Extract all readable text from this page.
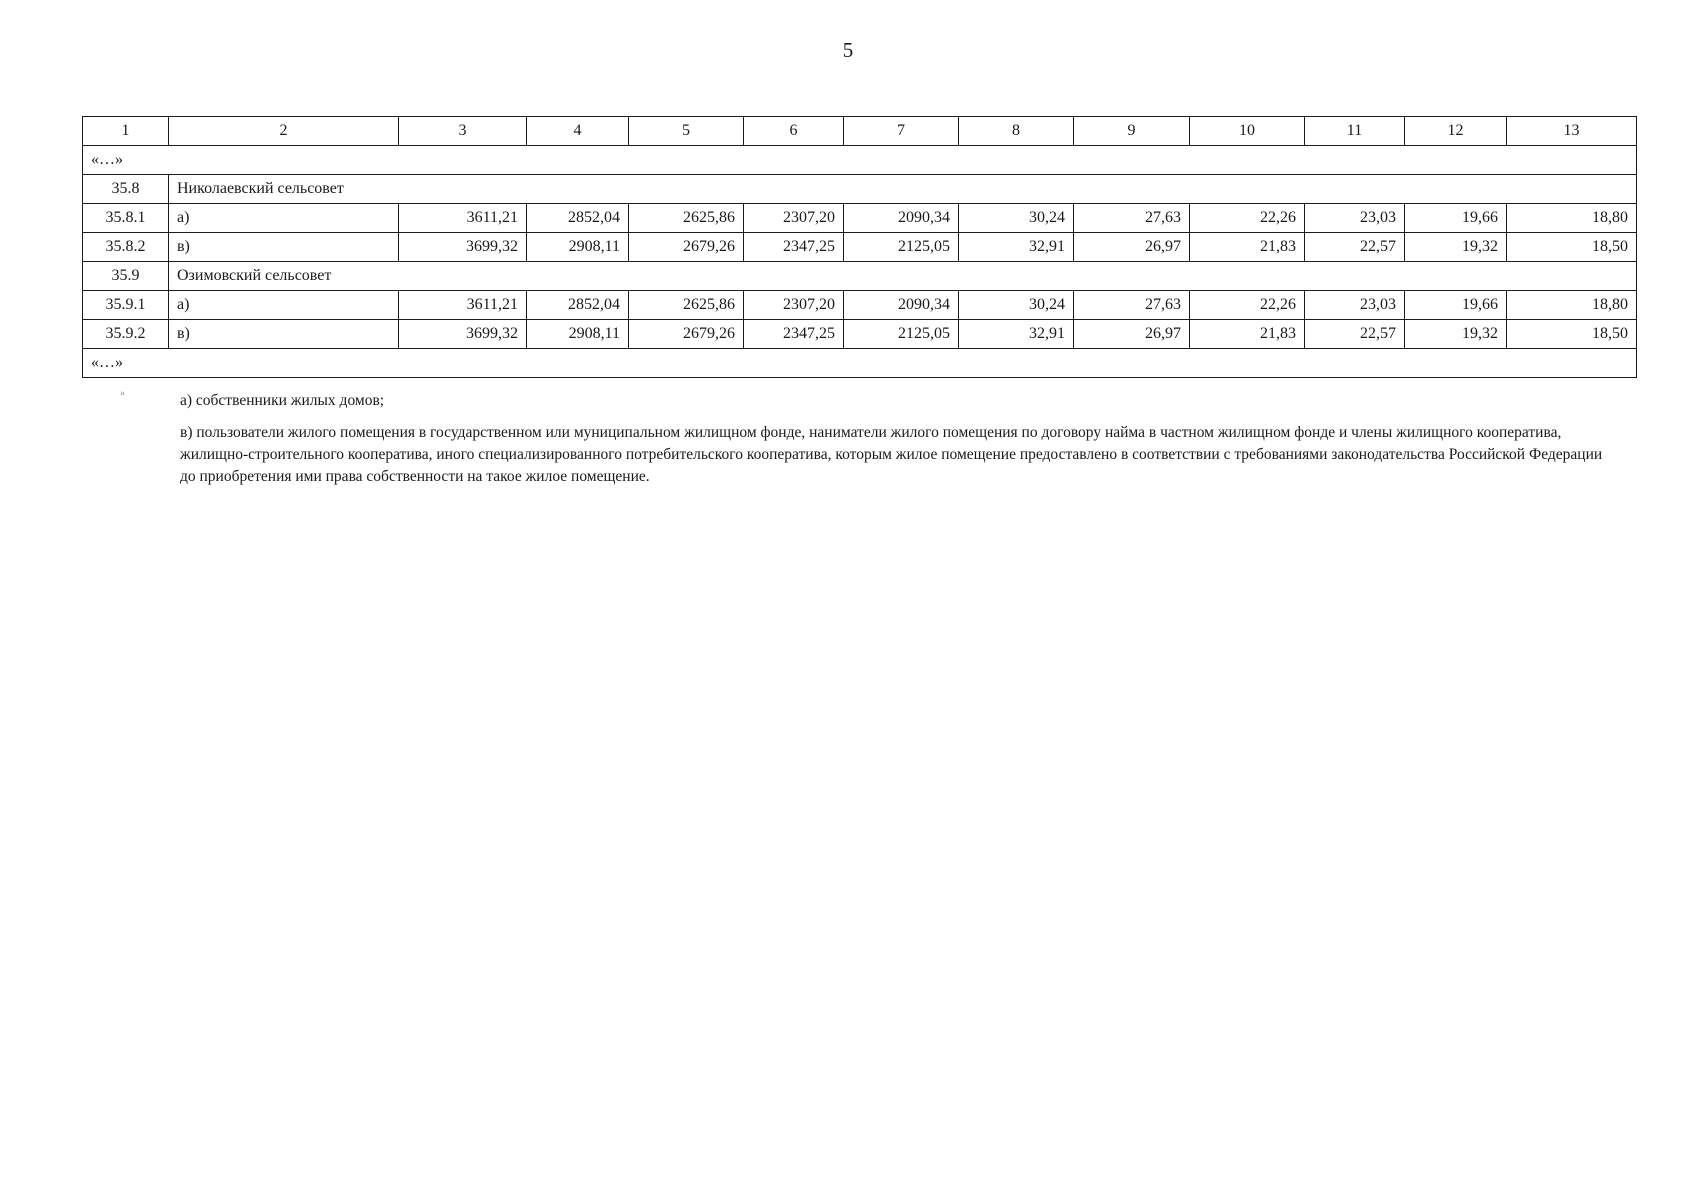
5
1	2	3	4	5	6	7	8	9	10	11	12	13
«…»												
35.8	Николаевский сельсовет											
35.8.1	а)	3611,21	2852,04	2625,86	2307,20	2090,34	30,24	27,63	22,26	23,03	19,66	18,80
35.8.2	в)	3699,32	2908,11	2679,26	2347,25	2125,05	32,91	26,97	21,83	22,57	19,32	18,50
35.9	Озимовский сельсовет											
35.9.1	а)	3611,21	2852,04	2625,86	2307,20	2090,34	30,24	27,63	22,26	23,03	19,66	18,80
35.9.2	в)	3699,32	2908,11	2679,26	2347,25	2125,05	32,91	26,97	21,83	22,57	19,32	18,50
«…»												
»	а) собственники жилых домов;

в) пользователи жилого помещения в государственном или муниципальном жилищном фонде, наниматели жилого помещения по договору найма в частном жилищном фонде и члены жилищного кооператива, жилищно-строительного кооператива, иного специализированного потребительского кооператива, которым жилое помещение предоставлено в соответствии с требованиями законодательства Российской Федерации до приобретения ими права собственности на такое жилое помещение.
